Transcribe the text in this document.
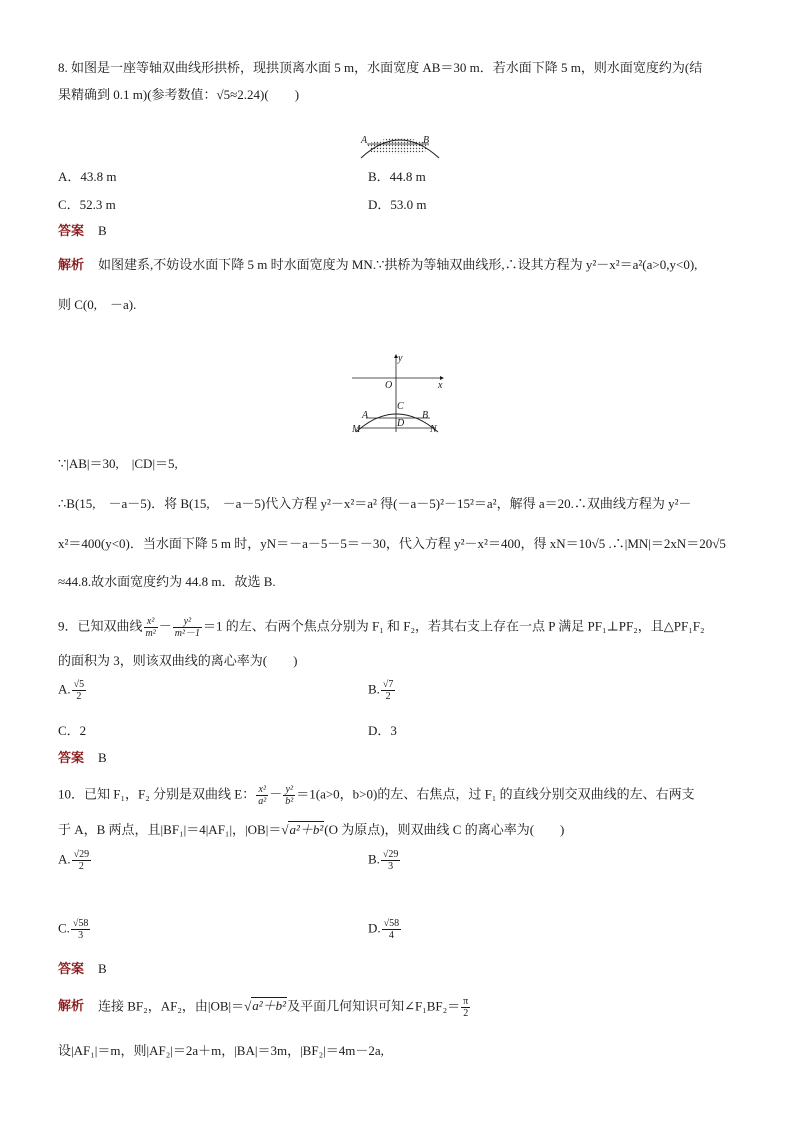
8. 如图是一座等轴双曲线形拱桥，现拱顶离水面 5 m，水面宽度 AB＝30 m．若水面下降 5 m，则水面宽度约为(结
果精确到 0.1 m)(参考数值：√5≈2.24)(　　)
A	B
A．43.8 m	B．44.8 m
C．52.3 m	D．53.0 m
答案 B
解析 如图建系,不妨设水面下降 5 m 时水面宽度为 MN.∵拱桥为等轴双曲线形,∴设其方程为 y²－x²＝a²(a>0,y<0),
则 C(0,　－a).
y
x
O
C
A	B
D
M	N
∵|AB|＝30,　|CD|＝5,
∴B(15,　－a－5)．将 B(15,　－a－5)代入方程 y²－x²＝a² 得(－a－5)²－15²＝a²，解得 a＝20.∴双曲线方程为 y²－
x²＝400(y<0)．当水面下降 5 m 时，yN＝－a－5－5＝－30，代入方程 y²－x²＝400，得 xN＝10√5 .∴|MN|＝2xN＝20√5
≈44.8.故水面宽度约为 44.8 m．故选 B.
9．已知双曲线 $\frac{\text{x²}}{\text{m²}} - \frac{\text{y²}}{\text{m²－1}} =1$ 的左、右两个焦点分别为 F₁ 和 F₂，若其右支上存在一点 P 满足 PF₁⊥PF₂，且△PF₁F₂
的面积为 3，则该双曲线的离心率为(　　)
A. $\frac{√5}{2}$	B. $\frac{√7}{2}$
C．2	D．3
答案 B
10．已知 F₁，F₂ 分别是双曲线 E： $\frac{\text{x²}}{\text{a²}} - \frac{\text{y²}}{\text{b²}} =1(a>0$，b>0)的左、右焦点，过 F₁ 的直线分别交双曲线的左、右两支
于 A，B 两点，且|BF₁|＝4|AF₁|，|OB|＝√a²＋b²(O 为原点)，则双曲线 C 的离心率为(　　)
A. $\frac{√29}{2}$	B. $\frac{√29}{3}$
C. $\frac{√58}{3}$	D. $\frac{√58}{4}$
答案 B
解析 连接 BF₂，AF₂，由|OB|＝√a²＋b²及平面几何知识可知∠F₁BF₂＝ $\frac{\pi}{2}$
设|AF₁|＝m，则|AF₂|＝2a＋m，|BA|＝3m，|BF₂|＝4m－2a,
